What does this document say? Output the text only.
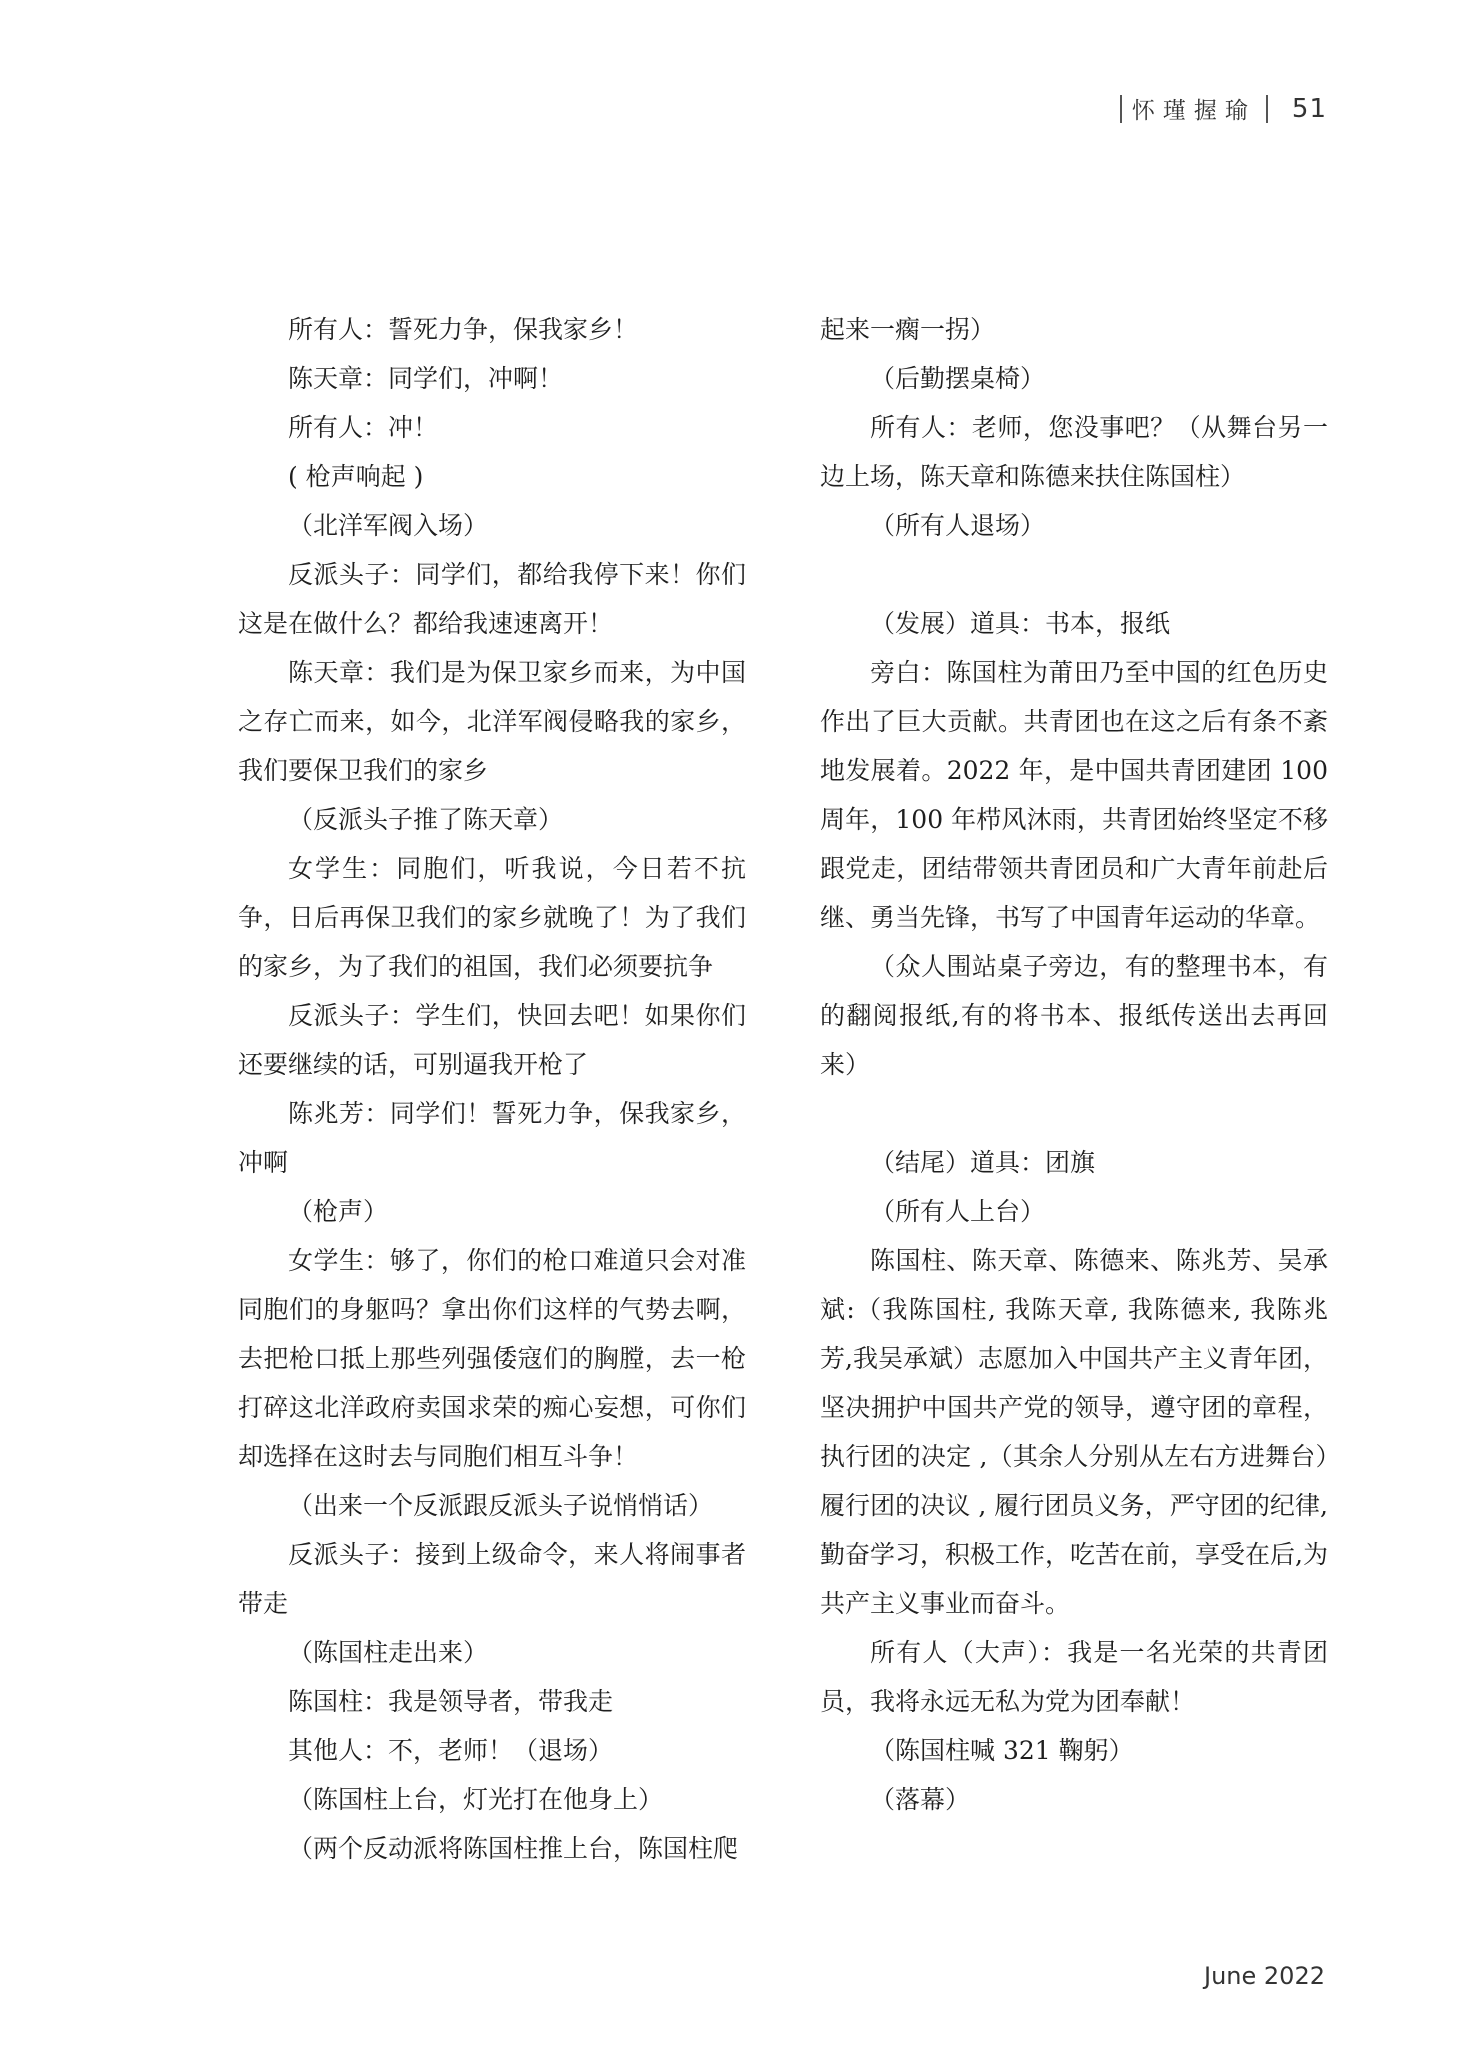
怀瑾握瑜 51

所有人：誓死力争，保我家乡！

陈天章：同学们，冲啊！

所有人：冲！

( 枪声响起 )

（北洋军阀入场）

反派头子：同学们，都给我停下来！你们这是在做什么？都给我速速离开！

陈天章：我们是为保卫家乡而来，为中国之存亡而来，如今，北洋军阀侵略我的家乡，我们要保卫我们的家乡

（反派头子推了陈天章）

女学生：同胞们，听我说，今日若不抗争，日后再保卫我们的家乡就晚了！为了我们的家乡，为了我们的祖国，我们必须要抗争

反派头子：学生们，快回去吧！如果你们还要继续的话，可别逼我开枪了

陈兆芳：同学们！誓死力争，保我家乡，冲啊

（枪声）

女学生：够了，你们的枪口难道只会对准同胞们的身躯吗？拿出你们这样的气势去啊，去把枪口抵上那些列强倭寇们的胸膛，去一枪打碎这北洋政府卖国求荣的痴心妄想，可你们却选择在这时去与同胞们相互斗争！

（出来一个反派跟反派头子说悄悄话）

反派头子：接到上级命令，来人将闹事者带走

（陈国柱走出来）

陈国柱：我是领导者，带我走

其他人：不，老师！（退场）

（陈国柱上台，灯光打在他身上）

（两个反动派将陈国柱推上台，陈国柱爬

起来一瘸一拐）

（后勤摆桌椅）

所有人：老师，您没事吧？（从舞台另一边上场，陈天章和陈德来扶住陈国柱）

（所有人退场）

（发展）道具：书本，报纸

旁白：陈国柱为莆田乃至中国的红色历史作出了巨大贡献。共青团也在这之后有条不紊地发展着。2022 年，是中国共青团建团 100 周年，100 年栉风沐雨，共青团始终坚定不移跟党走，团结带领共青团员和广大青年前赴后继、勇当先锋，书写了中国青年运动的华章。

（众人围站桌子旁边，有的整理书本，有的翻阅报纸,有的将书本、报纸传送出去再回来）

（结尾）道具：团旗

（所有人上台）

陈国柱、陈天章、陈德来、陈兆芳、吴承斌:（我陈国柱, 我陈天章, 我陈德来, 我陈兆芳,我吴承斌）志愿加入中国共产主义青年团，坚决拥护中国共产党的领导，遵守团的章程，执行团的决定 ,（其余人分别从左右方进舞台）履行团的决议 , 履行团员义务，严守团的纪律,勤奋学习，积极工作，吃苦在前，享受在后,为共产主义事业而奋斗。

所有人（大声）：我是一名光荣的共青团员，我将永远无私为党为团奉献！

（陈国柱喊 321 鞠躬）

（落幕）

June 2022
